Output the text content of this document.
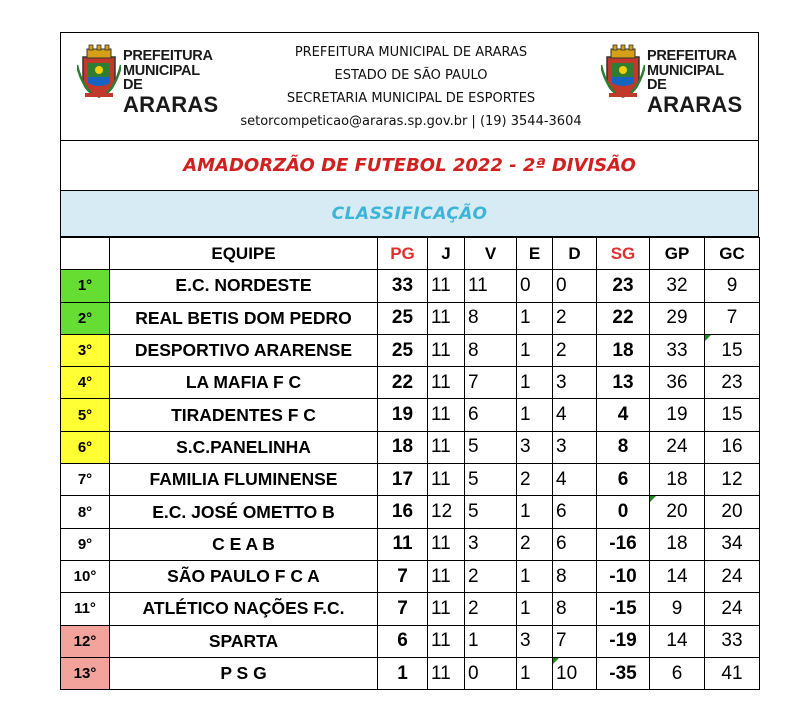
PREFEITURA
MUNICIPAL DE
ARARAS
PREFEITURA MUNICIPAL DE ARARAS
ESTADO DE SÃO PAULO
SECRETARIA MUNICIPAL DE ESPORTES
setorcompeticao@araras.sp.gov.br | (19) 3544-3604
PREFEITURA
MUNICIPAL DE
ARARAS
AMADORZÃO DE FUTEBOL 2022 - 2ª DIVISÃO
CLASSIFICAÇÃO
	EQUIPE	PG	J	V	E	D	SG	GP	GC
1°	E.C. NORDESTE	33	11	11	0	0	23	32	9
2°	REAL BETIS DOM PEDRO	25	11	8	1	2	22	29	7
3°	DESPORTIVO ARARENSE	25	11	8	1	2	18	33	15
4°	LA MAFIA F C	22	11	7	1	3	13	36	23
5°	TIRADENTES F C	19	11	6	1	4	4	19	15
6°	S.C.PANELINHA	18	11	5	3	3	8	24	16
7°	FAMILIA FLUMINENSE	17	11	5	2	4	6	18	12
8°	E.C. JOSÉ OMETTO B	16	12	5	1	6	0	20	20
9°	C E A B	11	11	3	2	6	-16	18	34
10°	SÃO PAULO F C A	7	11	2	1	8	-10	14	24
11°	ATLÉTICO NAÇÕES F.C.	7	11	2	1	8	-15	9	24
12°	SPARTA	6	11	1	3	7	-19	14	33
13°	P S G	1	11	0	1	10	-35	6	41
